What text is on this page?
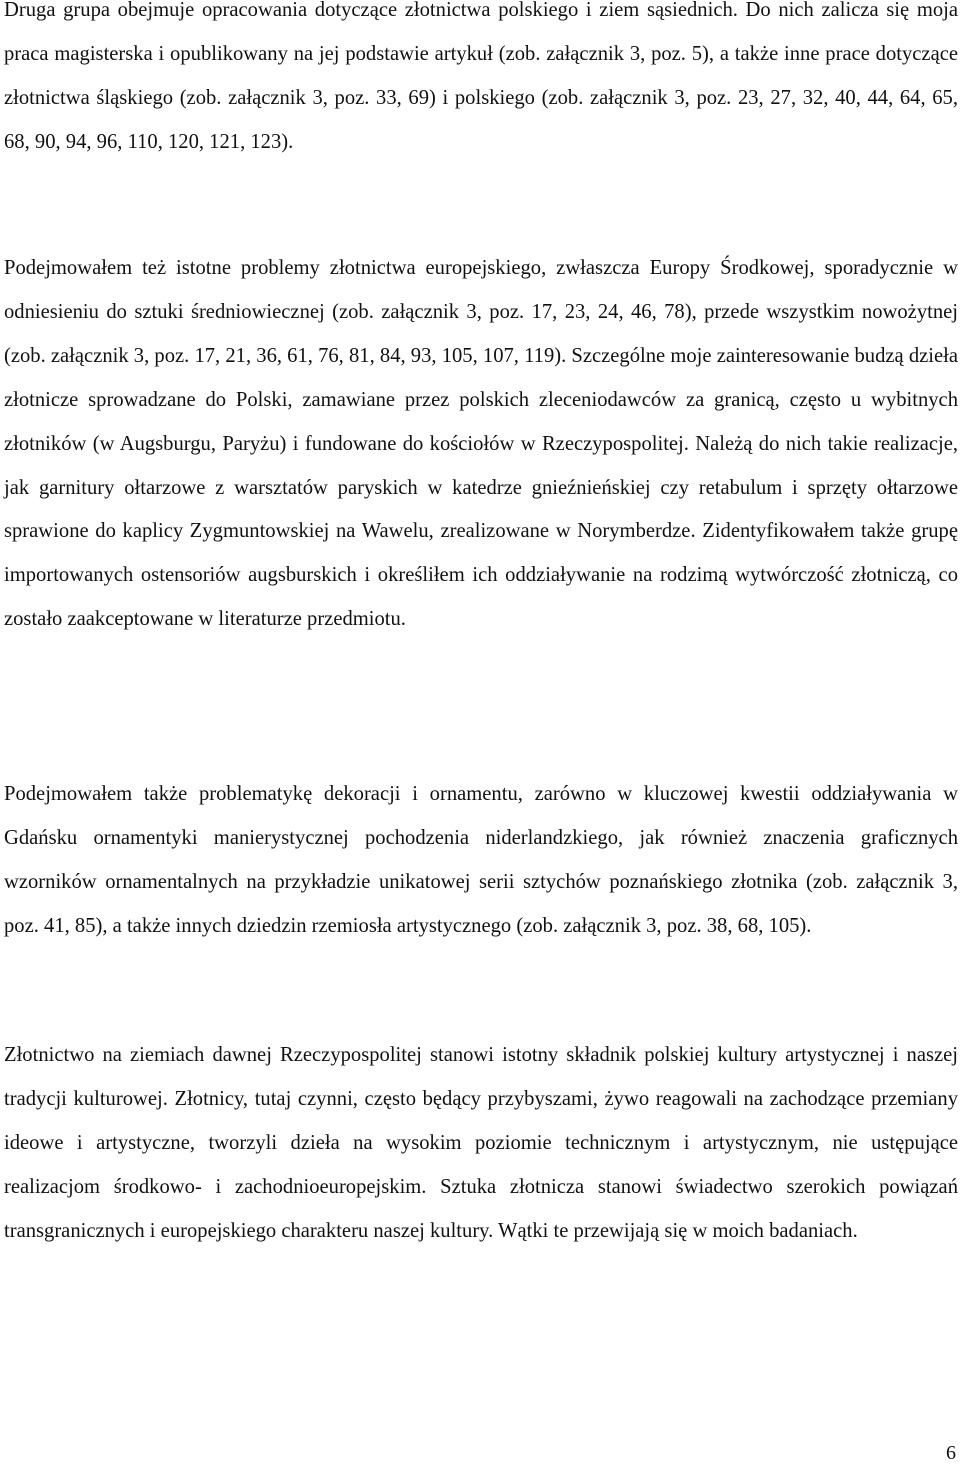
Druga grupa obejmuje opracowania dotyczące złotnictwa polskiego i ziem sąsiednich. Do nich zalicza się moja praca magisterska i opublikowany na jej podstawie artykuł (zob. załącznik 3, poz. 5), a także inne prace dotyczące złotnictwa śląskiego (zob. załącznik 3, poz. 33, 69) i polskiego (zob. załącznik 3, poz. 23, 27, 32, 40, 44, 64, 65, 68, 90, 94, 96, 110, 120, 121, 123).

Podejmowałem też istotne problemy złotnictwa europejskiego, zwłaszcza Europy Środkowej, sporadycznie w odniesieniu do sztuki średniowiecznej (zob. załącznik 3, poz. 17, 23, 24, 46, 78), przede wszystkim nowożytnej (zob. załącznik 3, poz. 17, 21, 36, 61, 76, 81, 84, 93, 105, 107, 119). Szczególne moje zainteresowanie budzą dzieła złotnicze sprowadzane do Polski, zamawiane przez polskich zleceniodawców za granicą, często u wybitnych złotników (w Augsburgu, Paryżu) i fundowane do kościołów w Rzeczypospolitej. Należą do nich takie realizacje, jak garnitury ołtarzowe z warsztatów paryskich w katedrze gnieźnieńskiej czy retabulum i sprzęty ołtarzowe sprawione do kaplicy Zygmuntowskiej na Wawelu, zrealizowane w Norymberdze. Zidentyfikowałem także grupę importowanych ostensoriów augsburskich i określiłem ich oddziaływanie na rodzimą wytwórczość złotniczą, co zostało zaakceptowane w literaturze przedmiotu.

Podejmowałem także problematykę dekoracji i ornamentu, zarówno w kluczowej kwestii oddziaływania w Gdańsku ornamentyki manierystycznej pochodzenia niderlandzkiego, jak również znaczenia graficznych wzorników ornamentalnych na przykładzie unikatowej serii sztychów poznańskiego złotnika (zob. załącznik 3, poz. 41, 85), a także innych dziedzin rzemiosła artystycznego (zob. załącznik 3, poz. 38, 68, 105).

Złotnictwo na ziemiach dawnej Rzeczypospolitej stanowi istotny składnik polskiej kultury artystycznej i naszej tradycji kulturowej. Złotnicy, tutaj czynni, często będący przybyszami, żywo reagowali na zachodzące przemiany ideowe i artystyczne, tworzyli dzieła na wysokim poziomie technicznym i artystycznym, nie ustępujące realizacjom środkowo- i zachodnioeuropejskim. Sztuka złotnicza stanowi świadectwo szerokich powiązań transgranicznych i europejskiego charakteru naszej kultury. Wątki te przewijają się w moich badaniach.

6
